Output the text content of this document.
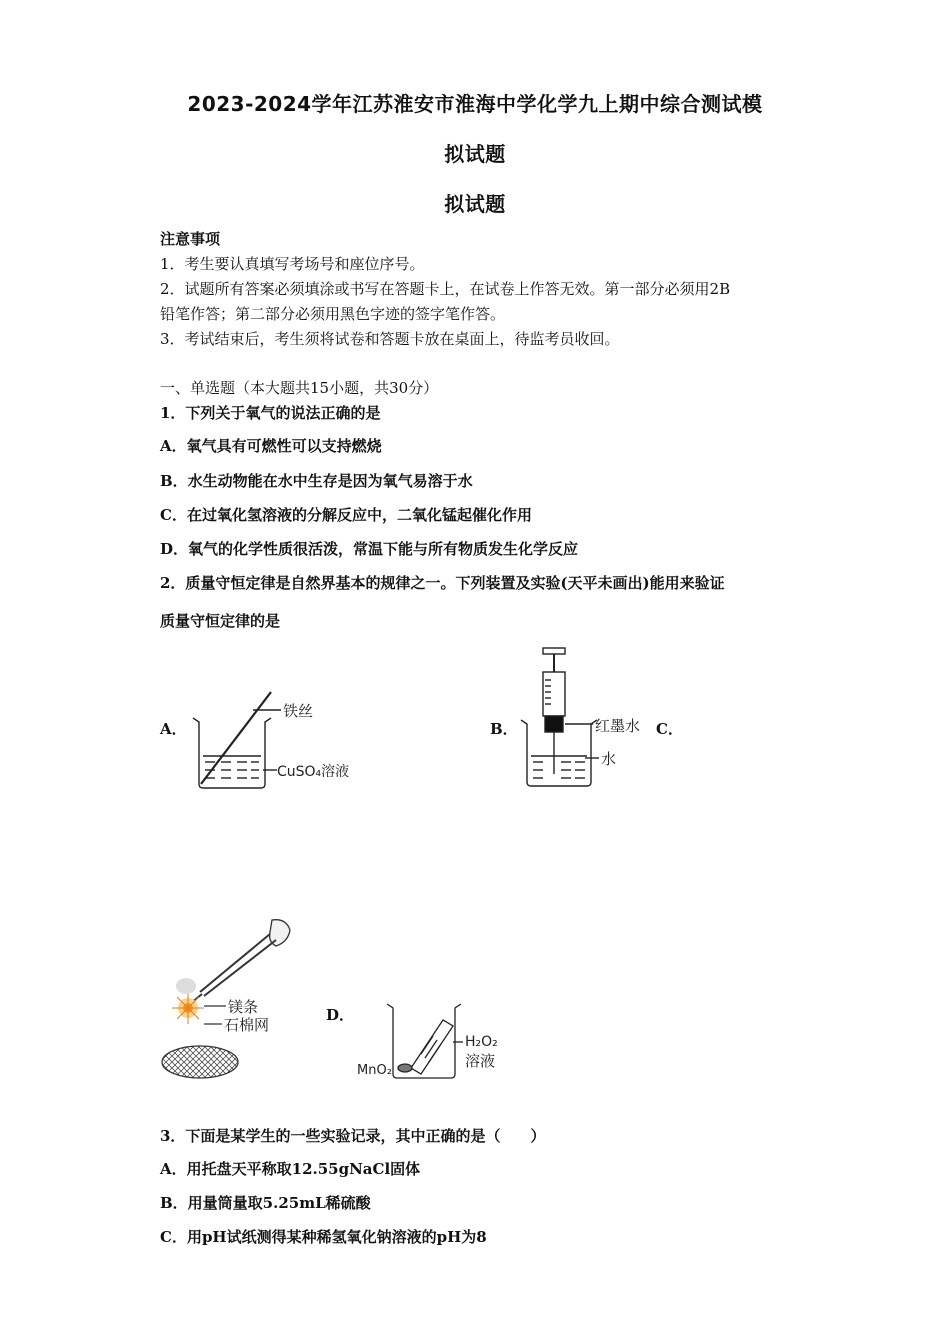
2023-2024学年江苏淮安市淮海中学化学九上期中综合测试模
拟试题
拟试题
注意事项
1．考生要认真填写考场号和座位序号。
2．试题所有答案必须填涂或书写在答题卡上，在试卷上作答无效。第一部分必须用2B
铅笔作答；第二部分必须用黑色字迹的签字笔作答。
3．考试结束后，考生须将试卷和答题卡放在桌面上，待监考员收回。
一、单选题（本大题共15小题，共30分）
1．下列关于氧气的说法正确的是
A．氧气具有可燃性可以支持燃烧
B．水生动物能在水中生存是因为氧气易溶于水
C．在过氧化氢溶液的分解反应中，二氧化锰起催化作用
D．氧气的化学性质很活泼，常温下能与所有物质发生化学反应
2．质量守恒定律是自然界基本的规律之一。下列装置及实验(天平未画出)能用来验证
质量守恒定律的是
A．	B．	C．
D．
铁丝
CuSO₄溶液
红墨水
水
镁条
石棉网
MnO₂
H₂O₂
溶液
3．下面是某学生的一些实验记录，其中正确的是（　　）
A．用托盘天平称取12.55gNaCl固体
B．用量筒量取5.25mL稀硫酸
C．用pH试纸测得某种稀氢氧化钠溶液的pH为8
